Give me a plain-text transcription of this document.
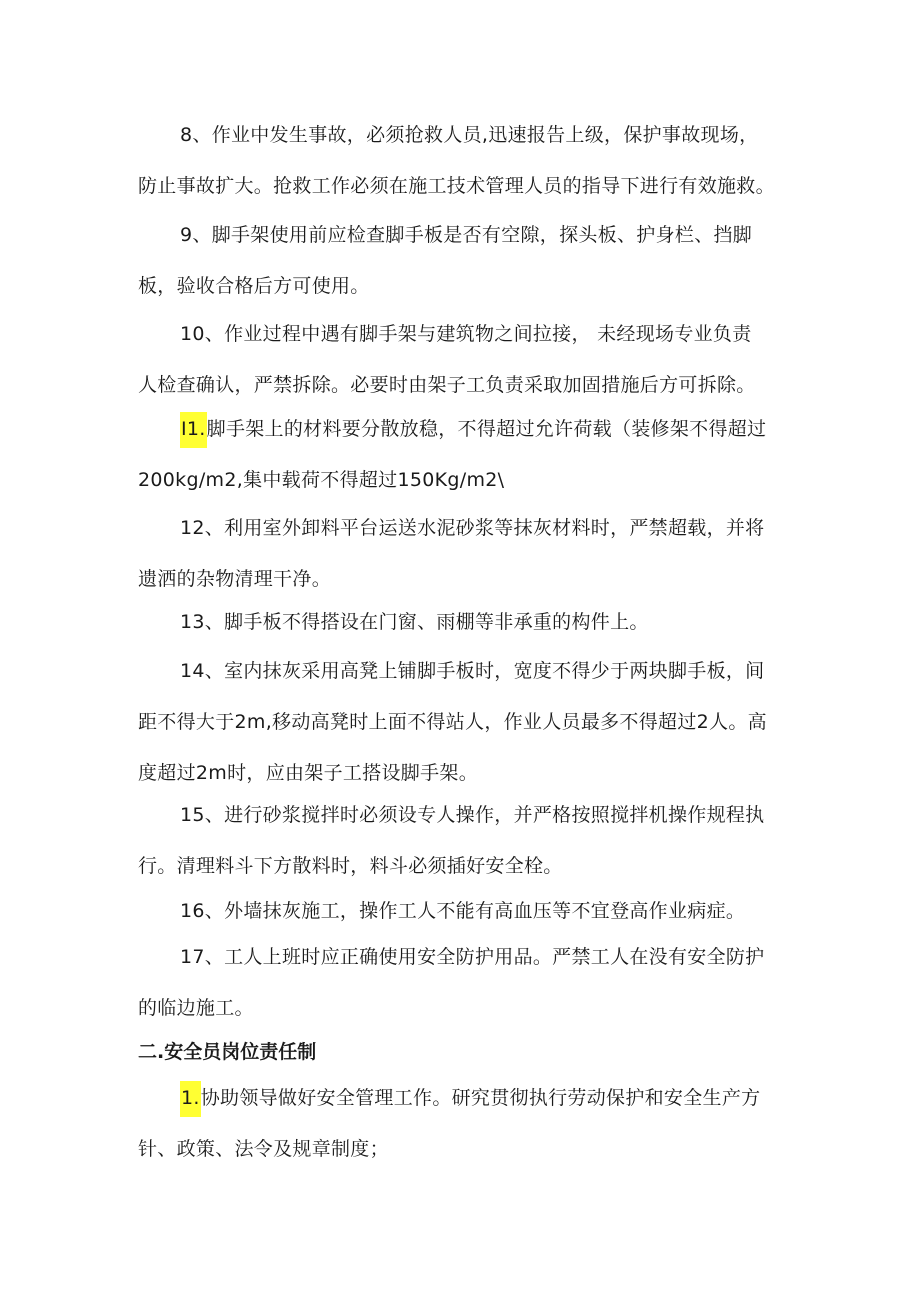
8、作业中发生事故，必须抢救人员,迅速报告上级，保护事故现场，
防止事故扩大。抢救工作必须在施工技术管理人员的指导下进行有效施救。

9、脚手架使用前应检查脚手板是否有空隙，探头板、护身栏、挡脚
板，验收合格后方可使用。

10、作业过程中遇有脚手架与建筑物之间拉接， 未经现场专业负责
人检查确认，严禁拆除。必要时由架子工负责采取加固措施后方可拆除。

I1.脚手架上的材料要分散放稳，不得超过允许荷载（装修架不得超过
200kg/m2,集中载荷不得超过150Kg/m2\

12、利用室外卸料平台运送水泥砂浆等抹灰材料时，严禁超载，并将
遗洒的杂物清理干净。

13、脚手板不得搭设在门窗、雨棚等非承重的构件上。

14、室内抹灰采用高凳上铺脚手板时，宽度不得少于两块脚手板，间
距不得大于2m,移动高凳时上面不得站人，作业人员最多不得超过2人。高
度超过2m时，应由架子工搭设脚手架。

15、进行砂浆搅拌时必须设专人操作，并严格按照搅拌机操作规程执
行。清理料斗下方散料时，料斗必须插好安全栓。

16、外墙抹灰施工，操作工人不能有高血压等不宜登高作业病症。

17、工人上班时应正确使用安全防护用品。严禁工人在没有安全防护
的临边施工。

二.安全员岗位责任制

1.协助领导做好安全管理工作。研究贯彻执行劳动保护和安全生产方
针、政策、法令及规章制度；
